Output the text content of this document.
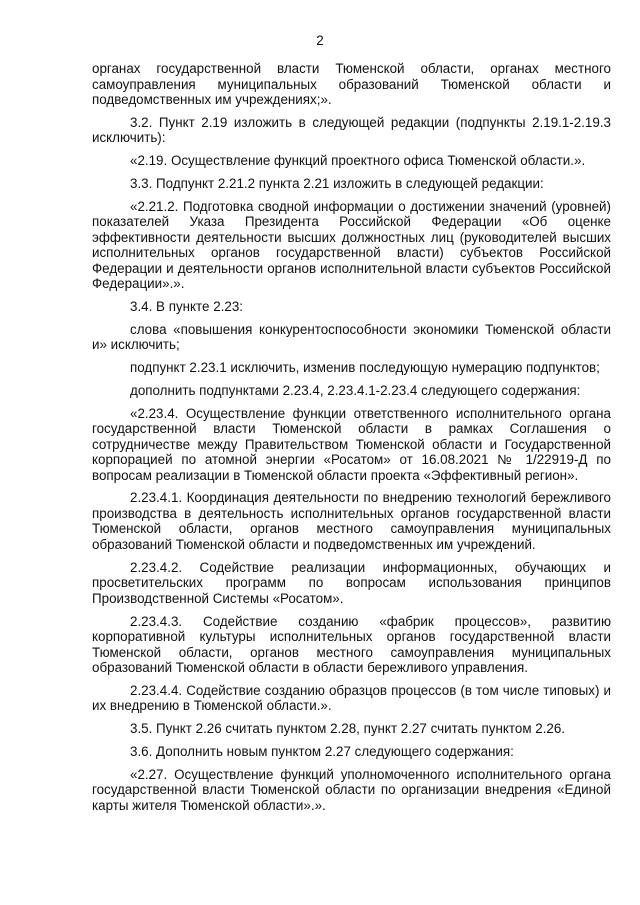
2

органах государственной власти Тюменской области, органах местного самоуправления муниципальных образований Тюменской области и подведомственных им учреждениях;».

3.2. Пункт 2.19 изложить в следующей редакции (подпункты 2.19.1-2.19.3 исключить):

«2.19. Осуществление функций проектного офиса Тюменской области.».

3.3. Подпункт 2.21.2 пункта 2.21 изложить в следующей редакции:

«2.21.2. Подготовка сводной информации о достижении значений (уровней) показателей Указа Президента Российской Федерации «Об оценке эффективности деятельности высших должностных лиц (руководителей высших исполнительных органов государственной власти) субъектов Российской Федерации и деятельности органов исполнительной власти субъектов Российской Федерации».».

3.4. В пункте 2.23:

слова «повышения конкурентоспособности экономики Тюменской области и» исключить;

подпункт 2.23.1 исключить, изменив последующую нумерацию подпунктов;

дополнить подпунктами 2.23.4, 2.23.4.1-2.23.4 следующего содержания:

«2.23.4. Осуществление функции ответственного исполнительного органа государственной власти Тюменской области в рамках Соглашения о сотрудничестве между Правительством Тюменской области и Государственной корпорацией по атомной энергии «Росатом» от 16.08.2021 № 1/22919-Д по вопросам реализации в Тюменской области проекта «Эффективный регион».

2.23.4.1. Координация деятельности по внедрению технологий бережливого производства в деятельность исполнительных органов государственной власти Тюменской области, органов местного самоуправления муниципальных образований Тюменской области и подведомственных им учреждений.

2.23.4.2. Содействие реализации информационных, обучающих и просветительских программ по вопросам использования принципов Производственной Системы «Росатом».

2.23.4.3. Содействие созданию «фабрик процессов», развитию корпоративной культуры исполнительных органов государственной власти Тюменской области, органов местного самоуправления муниципальных образований Тюменской области в области бережливого управления.

2.23.4.4. Содействие созданию образцов процессов (в том числе типовых) и их внедрению в Тюменской области.».

3.5. Пункт 2.26 считать пунктом 2.28, пункт 2.27 считать пунктом 2.26.

3.6. Дополнить новым пунктом 2.27 следующего содержания:

«2.27. Осуществление функций уполномоченного исполнительного органа государственной власти Тюменской области по организации внедрения «Единой карты жителя Тюменской области».».
